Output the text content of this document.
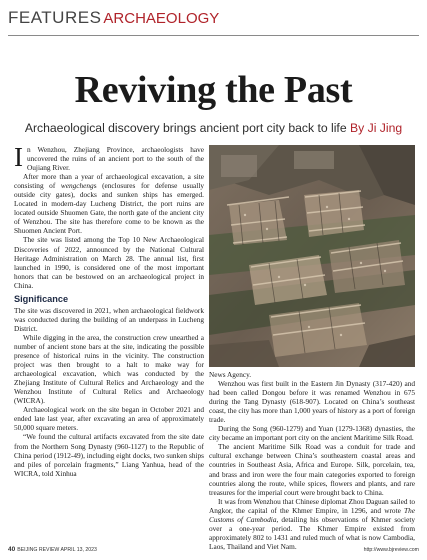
FEATURES ARCHAEOLOGY
Reviving the Past
Archaeological discovery brings ancient port city back to life By Ji Jing

In Wenzhou, Zhejiang Province, archaeologists have uncovered the ruins of an ancient port to the south of the Oujiang River.

After more than a year of archaeological excavation, a site consisting of wengchengs (enclosures for defense usually outside city gates), docks and sunken ships has emerged. Located in modern-day Lucheng District, the port ruins are located outside Shuomen Gate, the north gate of the ancient city of Wenzhou. The site has therefore come to be known as the Shuomen Ancient Port.

The site was listed among the Top 10 New Archaeological Discoveries of 2022, announced by the National Cultural Heritage Administration on March 28. The annual list, first launched in 1990, is considered one of the most important honors that can be bestowed on an archaeological project in China.

Significance

The site was discovered in 2021, when archaeological fieldwork was conducted during the building of an underpass in Lucheng District.

While digging in the area, the construction crew unearthed a number of ancient stone bars at the site, indicating the possible presence of historical ruins in the vicinity. The construction project was then brought to a halt to make way for archaeological excavation, which was conducted by the Zhejiang Institute of Cultural Relics and Archaeology and the Wenzhou Institute of Cultural Relics and Archaeology (WICRA).

Archaeological work on the site began in October 2021 and ended late last year, after excavating an area of approximately 50,000 square meters.

“We found the cultural artifacts excavated from the site date from the Northern Song Dynasty (960-1127) to the Republic of China period (1912-49), including eight docks, two sunken ships and piles of porcelain fragments,” Liang Yanhua, head of the WICRA, told Xinhua

News Agency.

Wenzhou was first built in the Eastern Jin Dynasty (317-420) and had been called Dongou before it was renamed Wenzhou in 675 during the Tang Dynasty (618-907). Located on China’s southeast coast, the city has more than 1,000 years of history as a port of foreign trade.

During the Song (960-1279) and Yuan (1279-1368) dynasties, the city became an important port city on the ancient Maritime Silk Road.

The ancient Maritime Silk Road was a conduit for trade and cultural exchange between China’s southeastern coastal areas and countries in Southeast Asia, Africa and Europe. Silk, porcelain, tea, and brass and iron were the four main categories exported to foreign countries along the route, while spices, flowers and plants, and rare treasures for the imperial court were brought back to China.

It was from Wenzhou that Chinese diplomat Zhou Daguan sailed to Angkor, the capital of the Khmer Empire, in 1296, and wrote The Customs of Cambodia, detailing his observations of Khmer society over a one-year period. The Khmer Empire existed from approximately 802 to 1431 and ruled much of what is now Cambodia, Laos, Thailand and Viet Nam.

40 BEIJING REVIEW APRIL 13, 2023	http://www.bjreview.com
